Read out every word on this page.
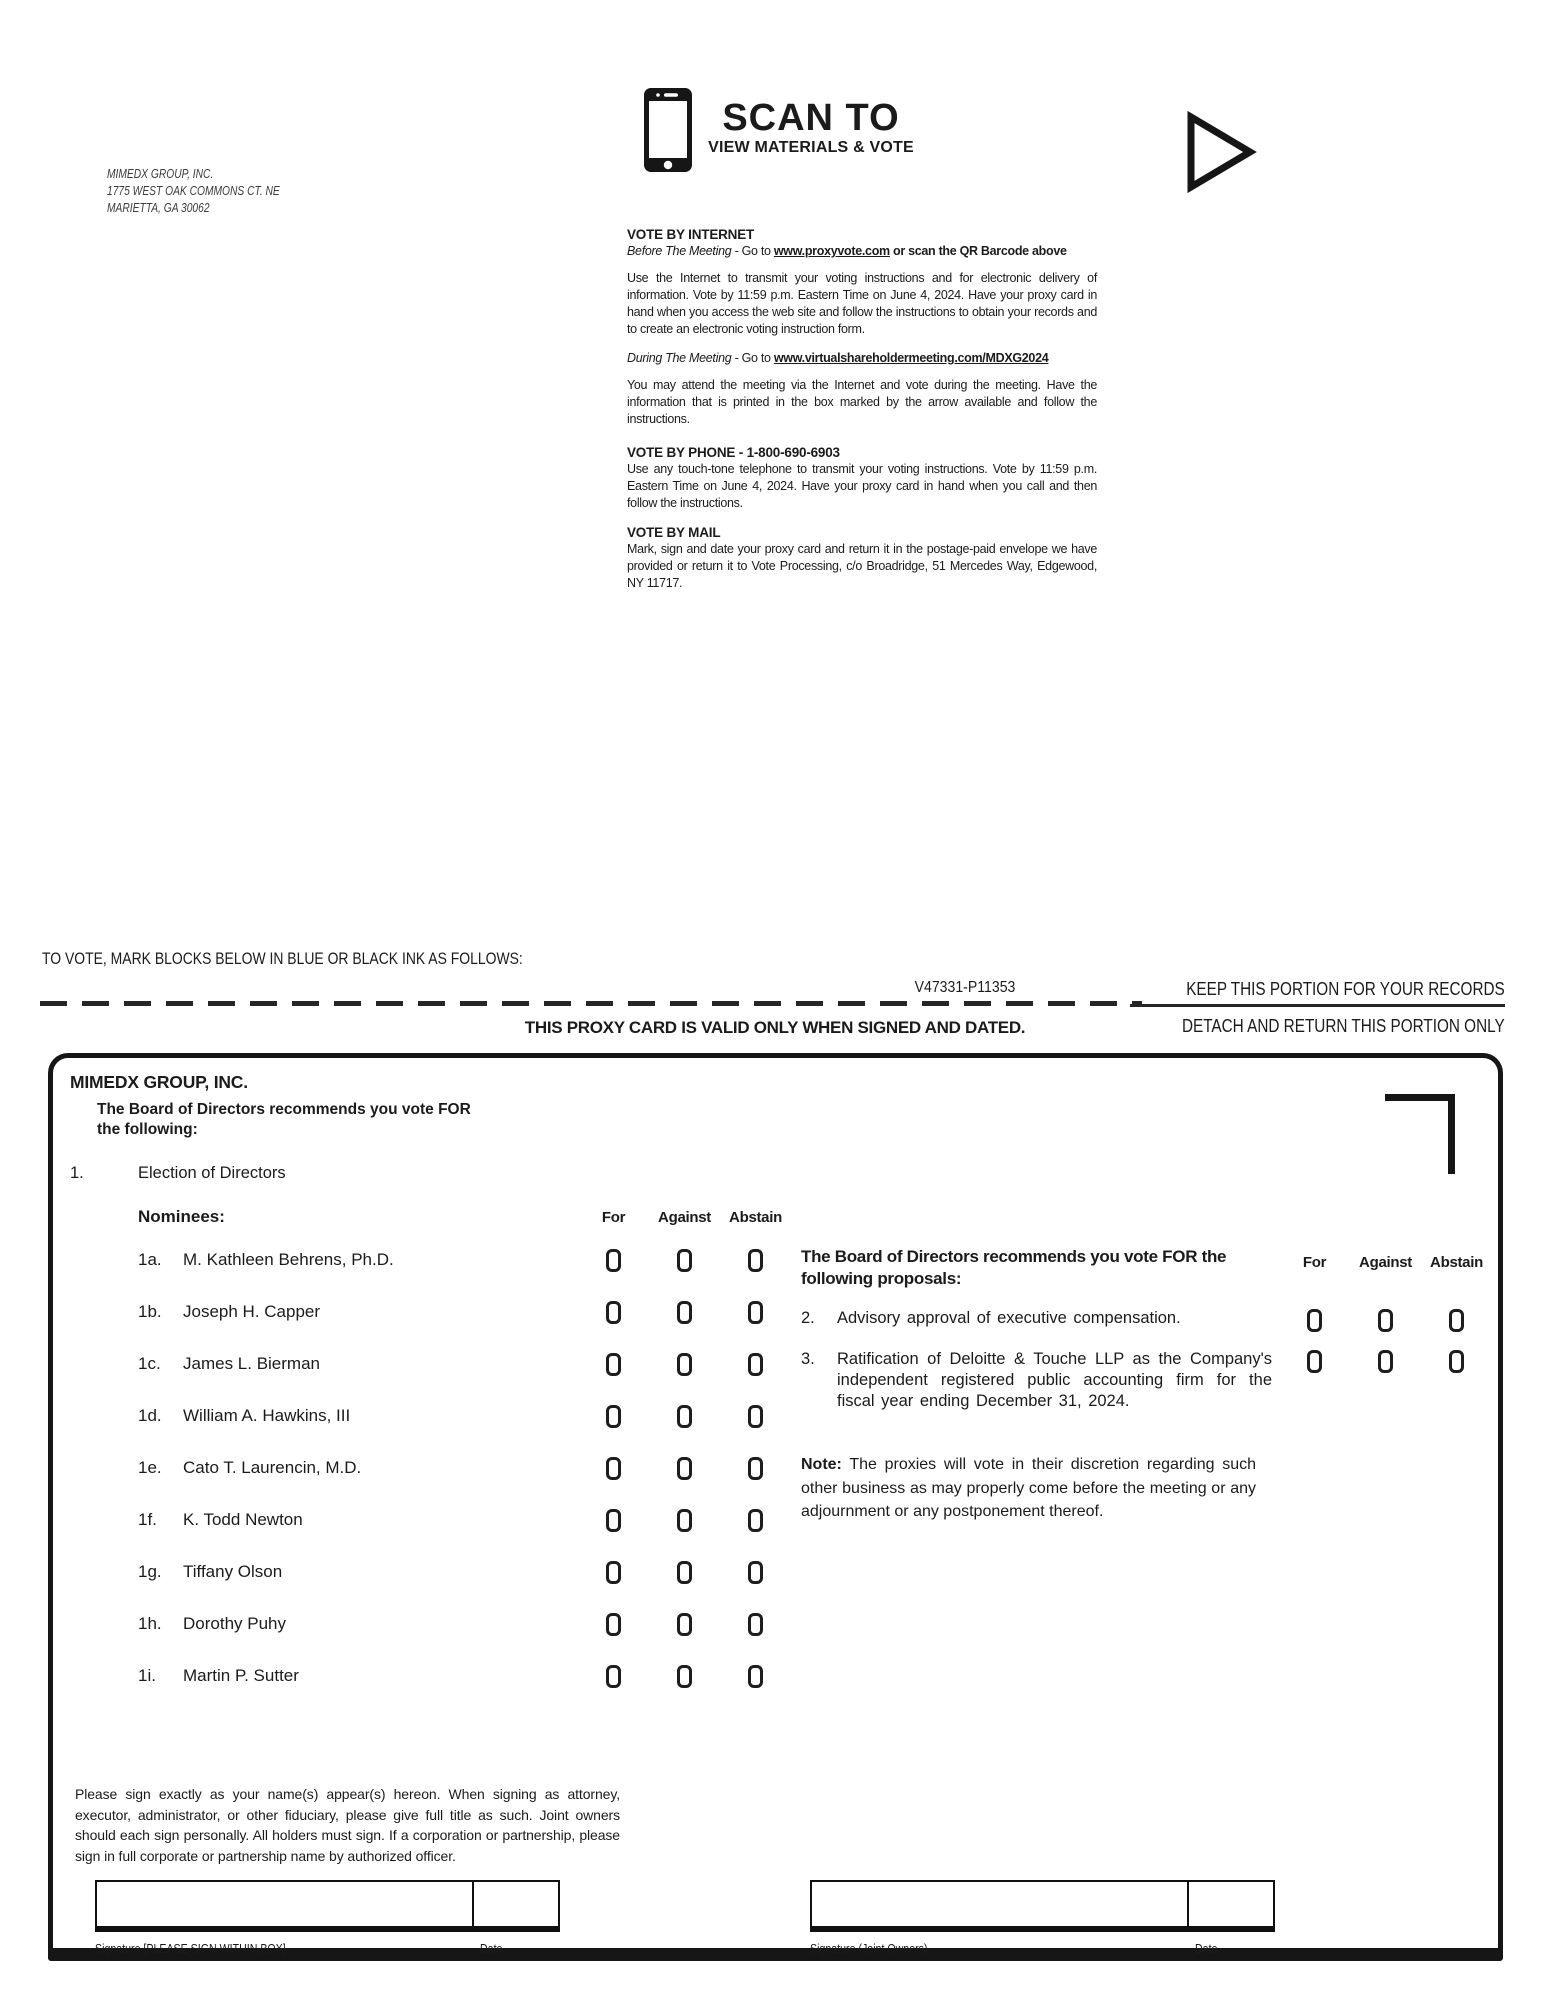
MIMEDX GROUP, INC.
1775 WEST OAK COMMONS CT. NE
MARIETTA, GA 30062
SCAN TO
VIEW MATERIALS & VOTE
VOTE BY INTERNET
Before The Meeting - Go to www.proxyvote.com or scan the QR Barcode above
Use the Internet to transmit your voting instructions and for electronic delivery of information. Vote by 11:59 p.m. Eastern Time on June 4, 2024. Have your proxy card in hand when you access the web site and follow the instructions to obtain your records and to create an electronic voting instruction form.
During The Meeting - Go to www.virtualshareholdermeeting.com/MDXG2024
You may attend the meeting via the Internet and vote during the meeting. Have the information that is printed in the box marked by the arrow available and follow the instructions.
VOTE BY PHONE - 1-800-690-6903
Use any touch-tone telephone to transmit your voting instructions. Vote by 11:59 p.m. Eastern Time on June 4, 2024. Have your proxy card in hand when you call and then follow the instructions.
VOTE BY MAIL
Mark, sign and date your proxy card and return it in the postage-paid envelope we have provided or return it to Vote Processing, c/o Broadridge, 51 Mercedes Way, Edgewood, NY 11717.
TO VOTE, MARK BLOCKS BELOW IN BLUE OR BLACK INK AS FOLLOWS:
V47331-P11353	KEEP THIS PORTION FOR YOUR RECORDS
THIS PROXY CARD IS VALID ONLY WHEN SIGNED AND DATED.	DETACH AND RETURN THIS PORTION ONLY
MIMEDX GROUP, INC.
The Board of Directors recommends you vote FOR the following:
1.	Election of Directors
Nominees:	For	Against	Abstain
1a.	M. Kathleen Behrens, Ph.D.
1b.	Joseph H. Capper
1c.	James L. Bierman
1d.	William A. Hawkins, III
1e.	Cato T. Laurencin, M.D.
1f.	K. Todd Newton
1g.	Tiffany Olson
1h.	Dorothy Puhy
1i.	Martin P. Sutter
The Board of Directors recommends you vote FOR the following proposals:
For	Against	Abstain
2.	Advisory approval of executive compensation.
3.	Ratification of Deloitte & Touche LLP as the Company's independent registered public accounting firm for the fiscal year ending December 31, 2024.
Note: The proxies will vote in their discretion regarding such other business as may properly come before the meeting or any adjournment or any postponement thereof.
Please sign exactly as your name(s) appear(s) hereon. When signing as attorney, executor, administrator, or other fiduciary, please give full title as such. Joint owners should each sign personally. All holders must sign. If a corporation or partnership, please sign in full corporate or partnership name by authorized officer.
Signature [PLEASE SIGN WITHIN BOX]	Date	Signature (Joint Owners)	Date
